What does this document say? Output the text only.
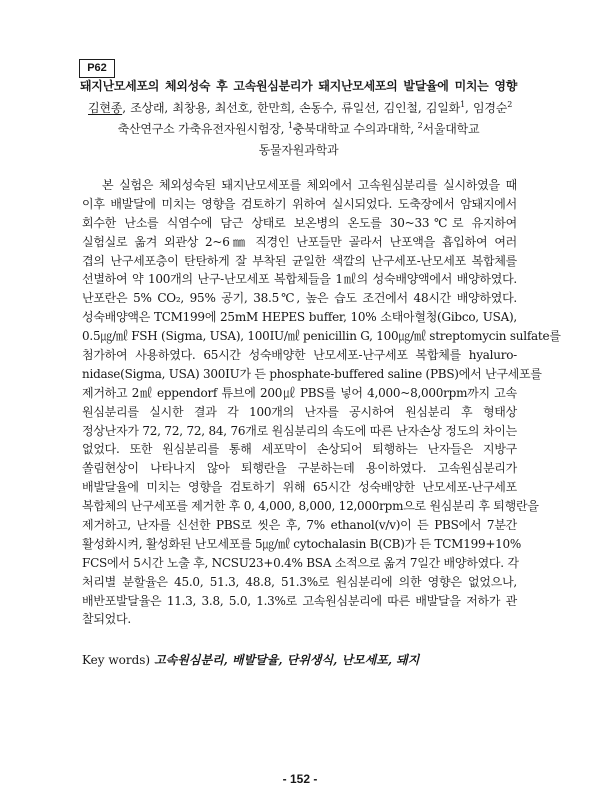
P62
돼지난모세포의 체외성숙 후 고속원심분리가 돼지난모세포의 발달율에 미치는 영향
김현종, 조상래, 최창용, 최선호, 한만희, 손동수, 류일선, 김인철, 김일화$^1$, 임경순$^2$
축산연구소 가축유전자원시험장, $^1$충북대학교 수의과대학, $^2$서울대학교
동물자원과학과
본 실험은 체외성숙된 돼지난모세포를 체외에서 고속원심분리를 실시하였을 때
이후 배발달에 미치는 영향을 검토하기 위하여 실시되었다. 도축장에서 암돼지에서
회수한 난소를 식염수에 담근 상태로 보온병의 온도를 30~33℃로 유지하여
실험실로 옮겨 외관상 2~6㎜ 직경인 난포들만 골라서 난포액을 흡입하여 여러
겹의 난구세포층이 탄탄하게 잘 부착된 균일한 색깔의 난구세포-난모세포 복합체를
선별하여 약 100개의 난구-난모세포 복합체들을 1㎖의 성숙배양액에서 배양하였다.
난포란은 5% CO₂, 95% 공기, 38.5℃, 높은 습도 조건에서 48시간 배양하였다.
성숙배양액은 TCM199에 25mM HEPES buffer, 10% 소태아혈청(Gibco, USA),
0.5㎍/㎖ FSH (Sigma, USA), 100IU/㎖ penicillin G, 100㎍/㎖ streptomycin sulfate를
첨가하여 사용하였다. 65시간 성숙배양한 난모세포-난구세포 복합체를 hyaluro-
nidase(Sigma, USA) 300IU가 든 phosphate-buffered saline (PBS)에서 난구세포를
제거하고 2㎖ eppendorf 튜브에 200㎕ PBS를 넣어 4,000~8,000rpm까지 고속
원심분리를 실시한 결과 각 100개의 난자를 공시하여 원심분리 후 형태상
정상난자가 72, 72, 72, 84, 76개로 원심분리의 속도에 따른 난자손상 정도의 차이는
없었다. 또한 원심분리를 통해 세포막이 손상되어 퇴행하는 난자들은 지방구
쏠림현상이 나타나지 않아 퇴행란을 구분하는데 용이하였다. 고속원심분리가
배발달율에 미치는 영향을 검토하기 위해 65시간 성숙배양한 난모세포-난구세포
복합체의 난구세포를 제거한 후 0, 4,000, 8,000, 12,000rpm으로 원심분리 후 퇴행란을
제거하고, 난자를 신선한 PBS로 씻은 후, 7% ethanol(v/v)이 든 PBS에서 7분간
활성화시켜, 활성화된 난모세포를 5㎍/㎖ cytochalasin B(CB)가 든 TCM199+10%
FCS에서 5시간 노출 후, NCSU23+0.4% BSA 소적으로 옮겨 7일간 배양하였다. 각
처리별 분할율은 45.0, 51.3, 48.8, 51.3%로 원심분리에 의한 영향은 없었으나,
배반포발달율은 11.3, 3.8, 5.0, 1.3%로 고속원심분리에 따른 배발달을 저하가 관
찰되었다.
Key words) 고속원심분리, 배발달율, 단위생식, 난모세포, 돼지
- 152 -
